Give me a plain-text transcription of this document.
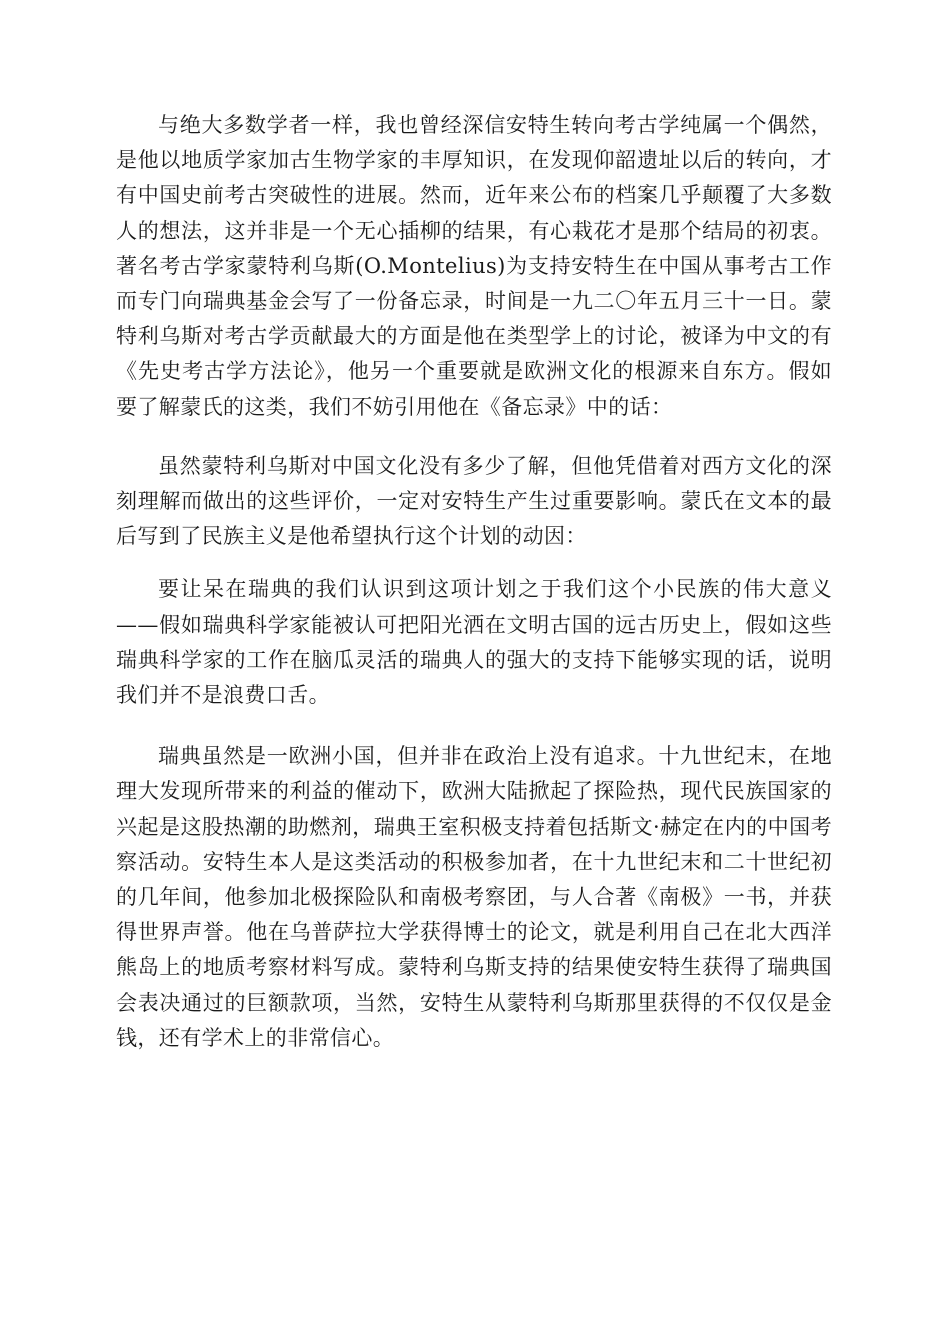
与绝大多数学者一样，我也曾经深信安特生转向考古学纯属一个偶然，是他以地质学家加古生物学家的丰厚知识，在发现仰韶遗址以后的转向，才有中国史前考古突破性的进展。然而，近年来公布的档案几乎颠覆了大多数人的想法，这并非是一个无心插柳的结果，有心栽花才是那个结局的初衷。著名考古学家蒙特利乌斯(O.Montelius)为支持安特生在中国从事考古工作而专门向瑞典基金会写了一份备忘录，时间是一九二〇年五月三十一日。蒙特利乌斯对考古学贡献最大的方面是他在类型学上的讨论，被译为中文的有《先史考古学方法论》，他另一个重要就是欧洲文化的根源来自东方。假如要了解蒙氏的这类，我们不妨引用他在《备忘录》中的话：

虽然蒙特利乌斯对中国文化没有多少了解，但他凭借着对西方文化的深刻理解而做出的这些评价，一定对安特生产生过重要影响。蒙氏在文本的最后写到了民族主义是他希望执行这个计划的动因：

要让呆在瑞典的我们认识到这项计划之于我们这个小民族的伟大意义——假如瑞典科学家能被认可把阳光洒在文明古国的远古历史上，假如这些瑞典科学家的工作在脑瓜灵活的瑞典人的强大的支持下能够实现的话，说明我们并不是浪费口舌。

瑞典虽然是一欧洲小国，但并非在政治上没有追求。十九世纪末，在地理大发现所带来的利益的催动下，欧洲大陆掀起了探险热，现代民族国家的兴起是这股热潮的助燃剂，瑞典王室积极支持着包括斯文·赫定在内的中国考察活动。安特生本人是这类活动的积极参加者，在十九世纪末和二十世纪初的几年间，他参加北极探险队和南极考察团，与人合著《南极》一书，并获得世界声誉。他在乌普萨拉大学获得博士的论文，就是利用自己在北大西洋熊岛上的地质考察材料写成。蒙特利乌斯支持的结果使安特生获得了瑞典国会表决通过的巨额款项，当然，安特生从蒙特利乌斯那里获得的不仅仅是金钱，还有学术上的非常信心。
